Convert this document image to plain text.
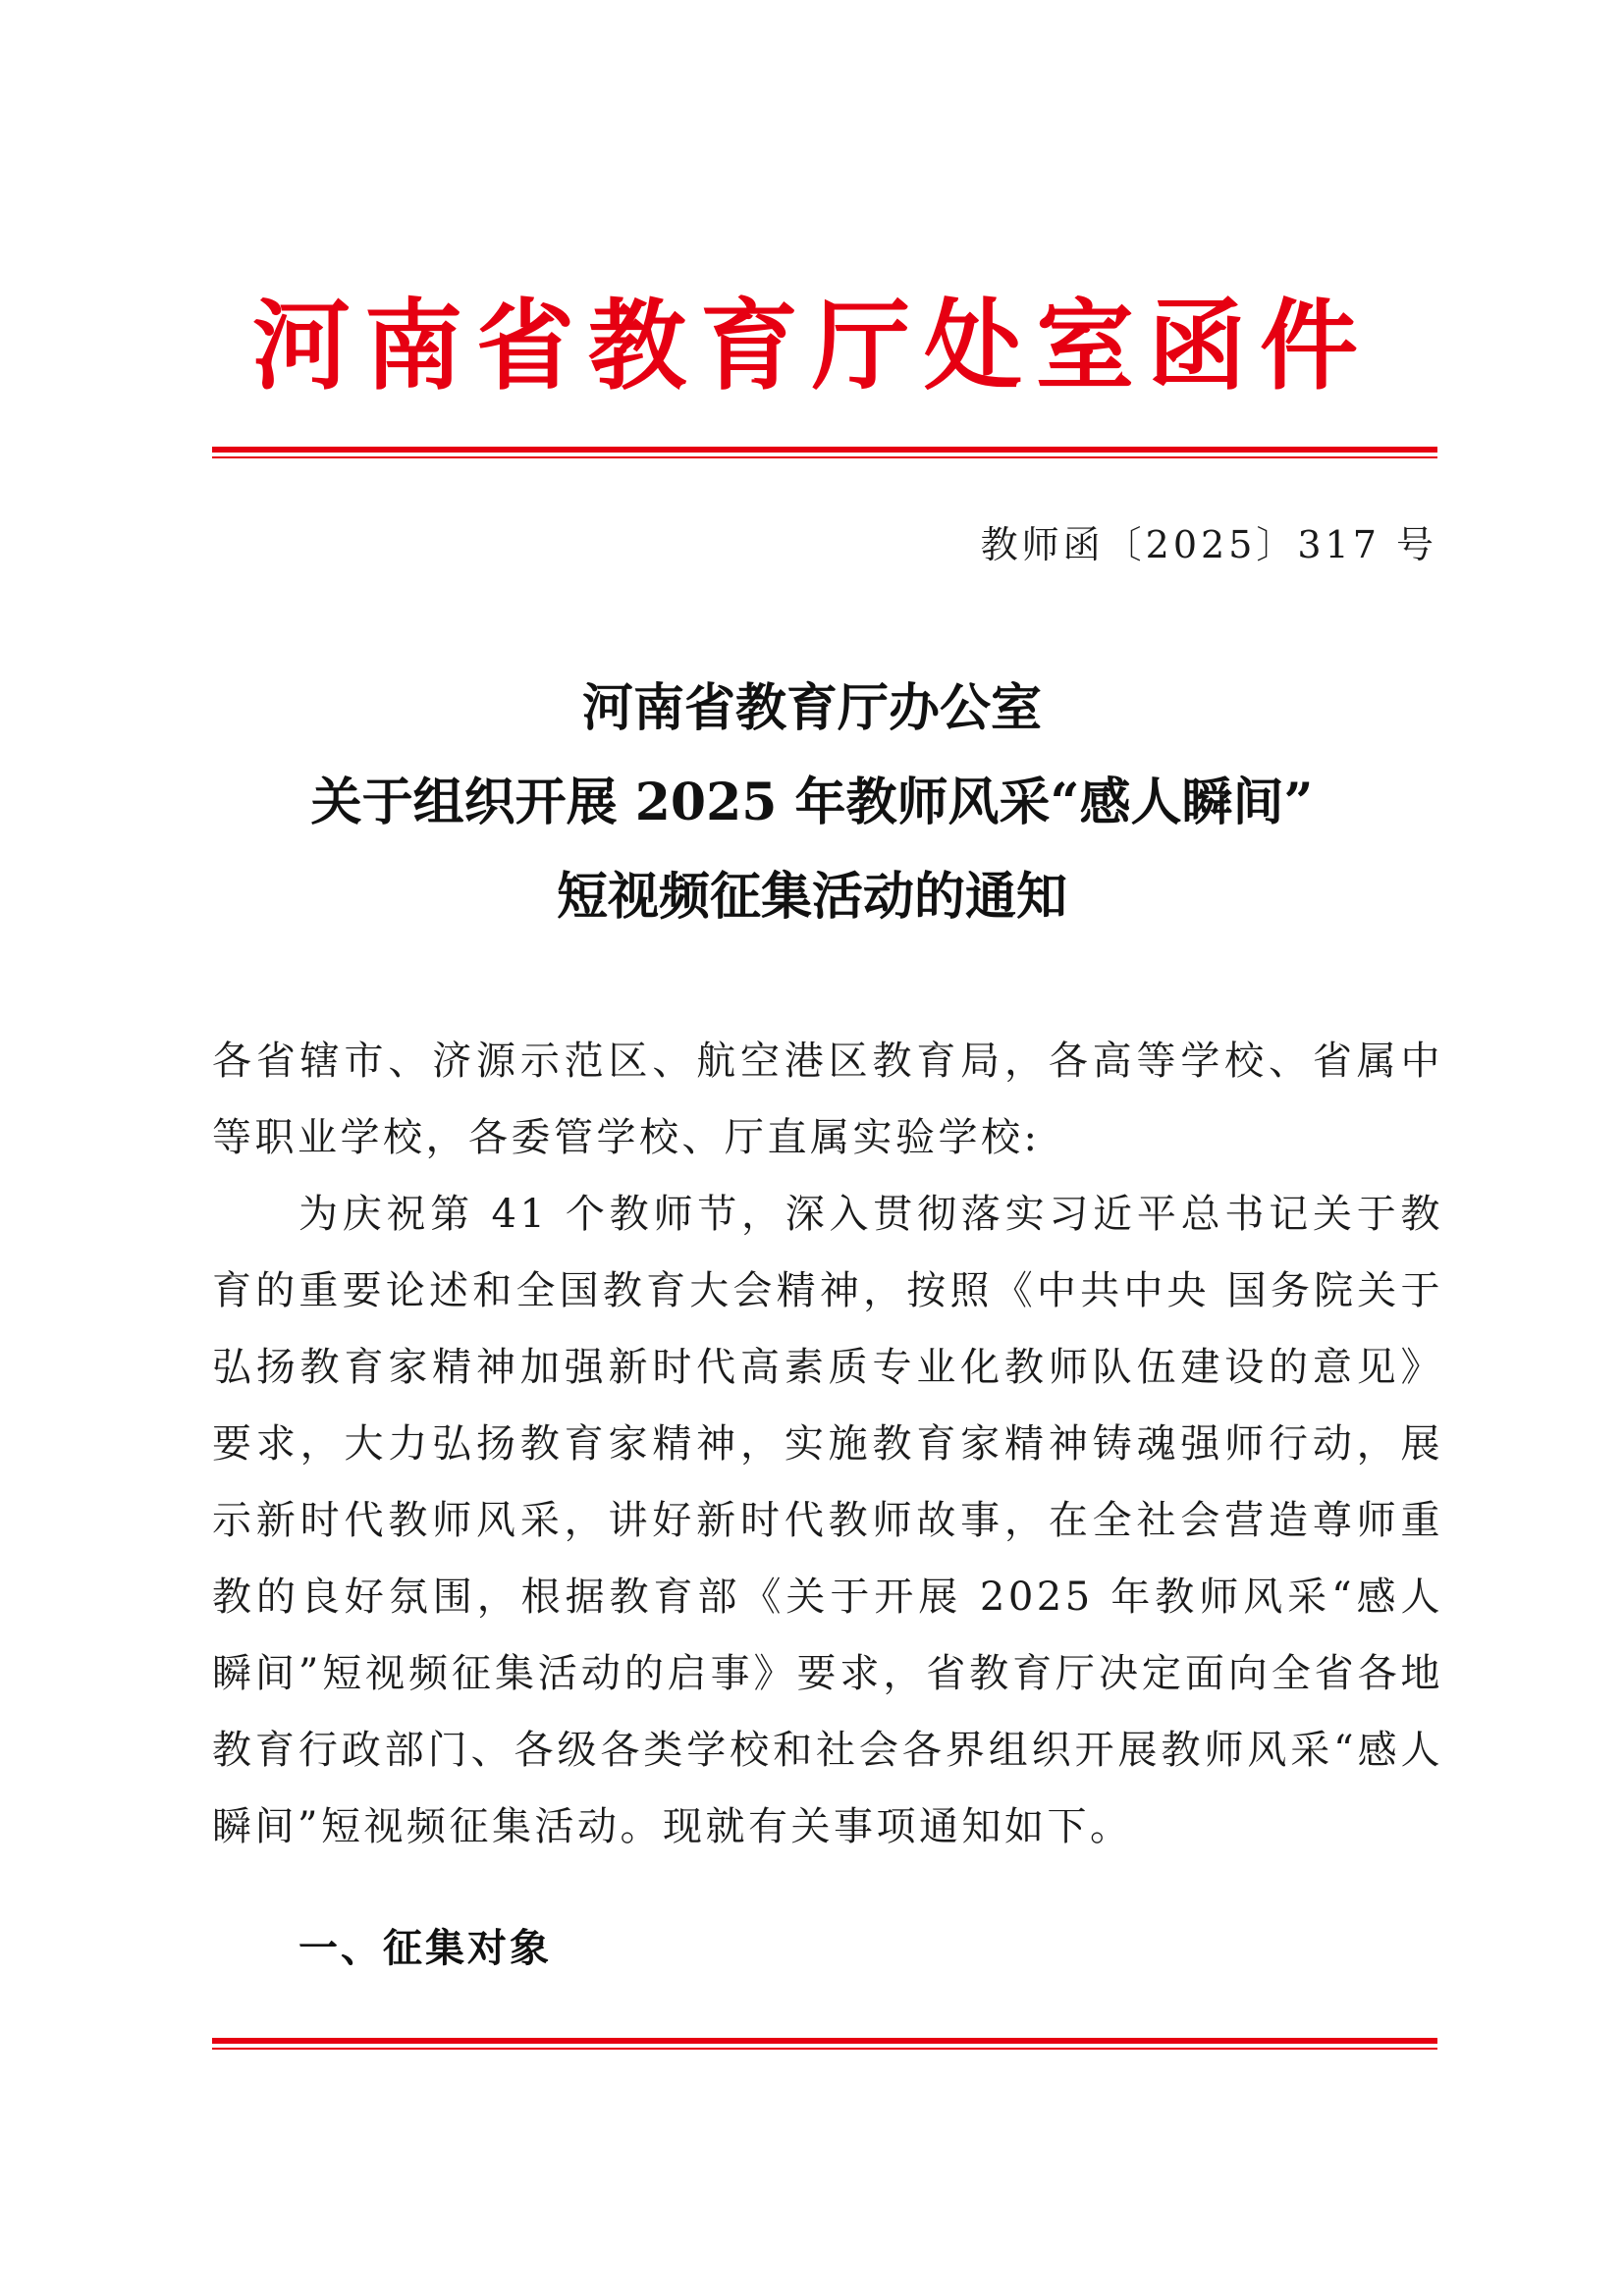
河南省教育厅处室函件
教师函〔2025〕317 号
河南省教育厅办公室
关于组织开展 2025 年教师风采“感人瞬间”
短视频征集活动的通知

各省辖市、济源示范区、航空港区教育局，各高等学校、省属中等职业学校，各委管学校、厅直属实验学校:

为庆祝第 41 个教师节，深入贯彻落实习近平总书记关于教育的重要论述和全国教育大会精神，按照《中共中央 国务院关于弘扬教育家精神加强新时代高素质专业化教师队伍建设的意见》要求，大力弘扬教育家精神，实施教育家精神铸魂强师行动，展示新时代教师风采，讲好新时代教师故事，在全社会营造尊师重教的良好氛围，根据教育部《关于开展 2025 年教师风采“感人瞬间”短视频征集活动的启事》要求，省教育厅决定面向全省各地教育行政部门、各级各类学校和社会各界组织开展教师风采“感人瞬间”短视频征集活动。现就有关事项通知如下。

一、征集对象
